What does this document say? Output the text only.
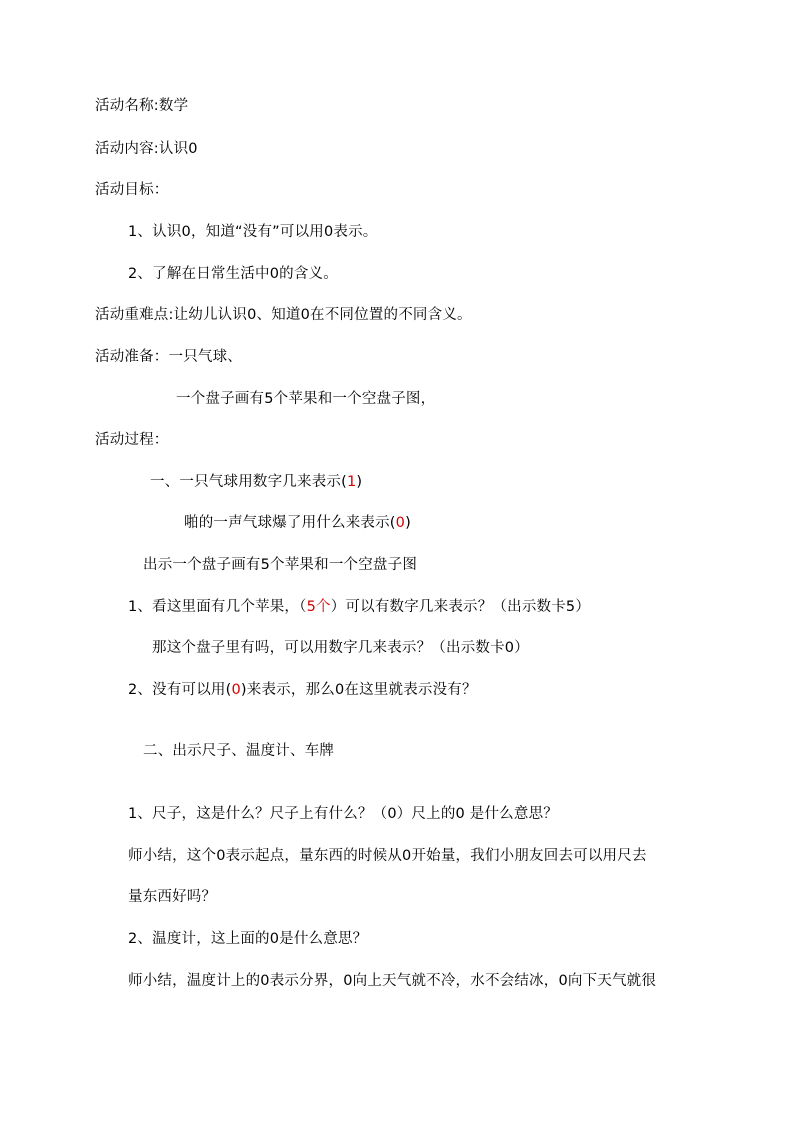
活动名称:数学
活动内容:认识0
活动目标：
1、认识0，知道“没有”可以用0表示。
2、了解在日常生活中0的含义。
活动重难点:让幼儿认识0、知道0在不同位置的不同含义。
活动准备：一只气球、
一个盘子画有5个苹果和一个空盘子图，
活动过程：
一、一只气球用数字几来表示(1)
啪的一声气球爆了用什么来表示(0)
出示一个盘子画有5个苹果和一个空盘子图
1、看这里面有几个苹果，（5个）可以有数字几来表示？（出示数卡5）
那这个盘子里有吗，可以用数字几来表示？（出示数卡0）
2、没有可以用(0)来表示，那么0在这里就表示没有？
二、出示尺子、温度计、车牌
1、尺子，这是什么？尺子上有什么？（0）尺上的0 是什么意思？
师小结，这个0表示起点，量东西的时候从0开始量，我们小朋友回去可以用尺去
量东西好吗？
2、温度计，这上面的0是什么意思？
师小结，温度计上的0表示分界，0向上天气就不冷，水不会结冰，0向下天气就很
